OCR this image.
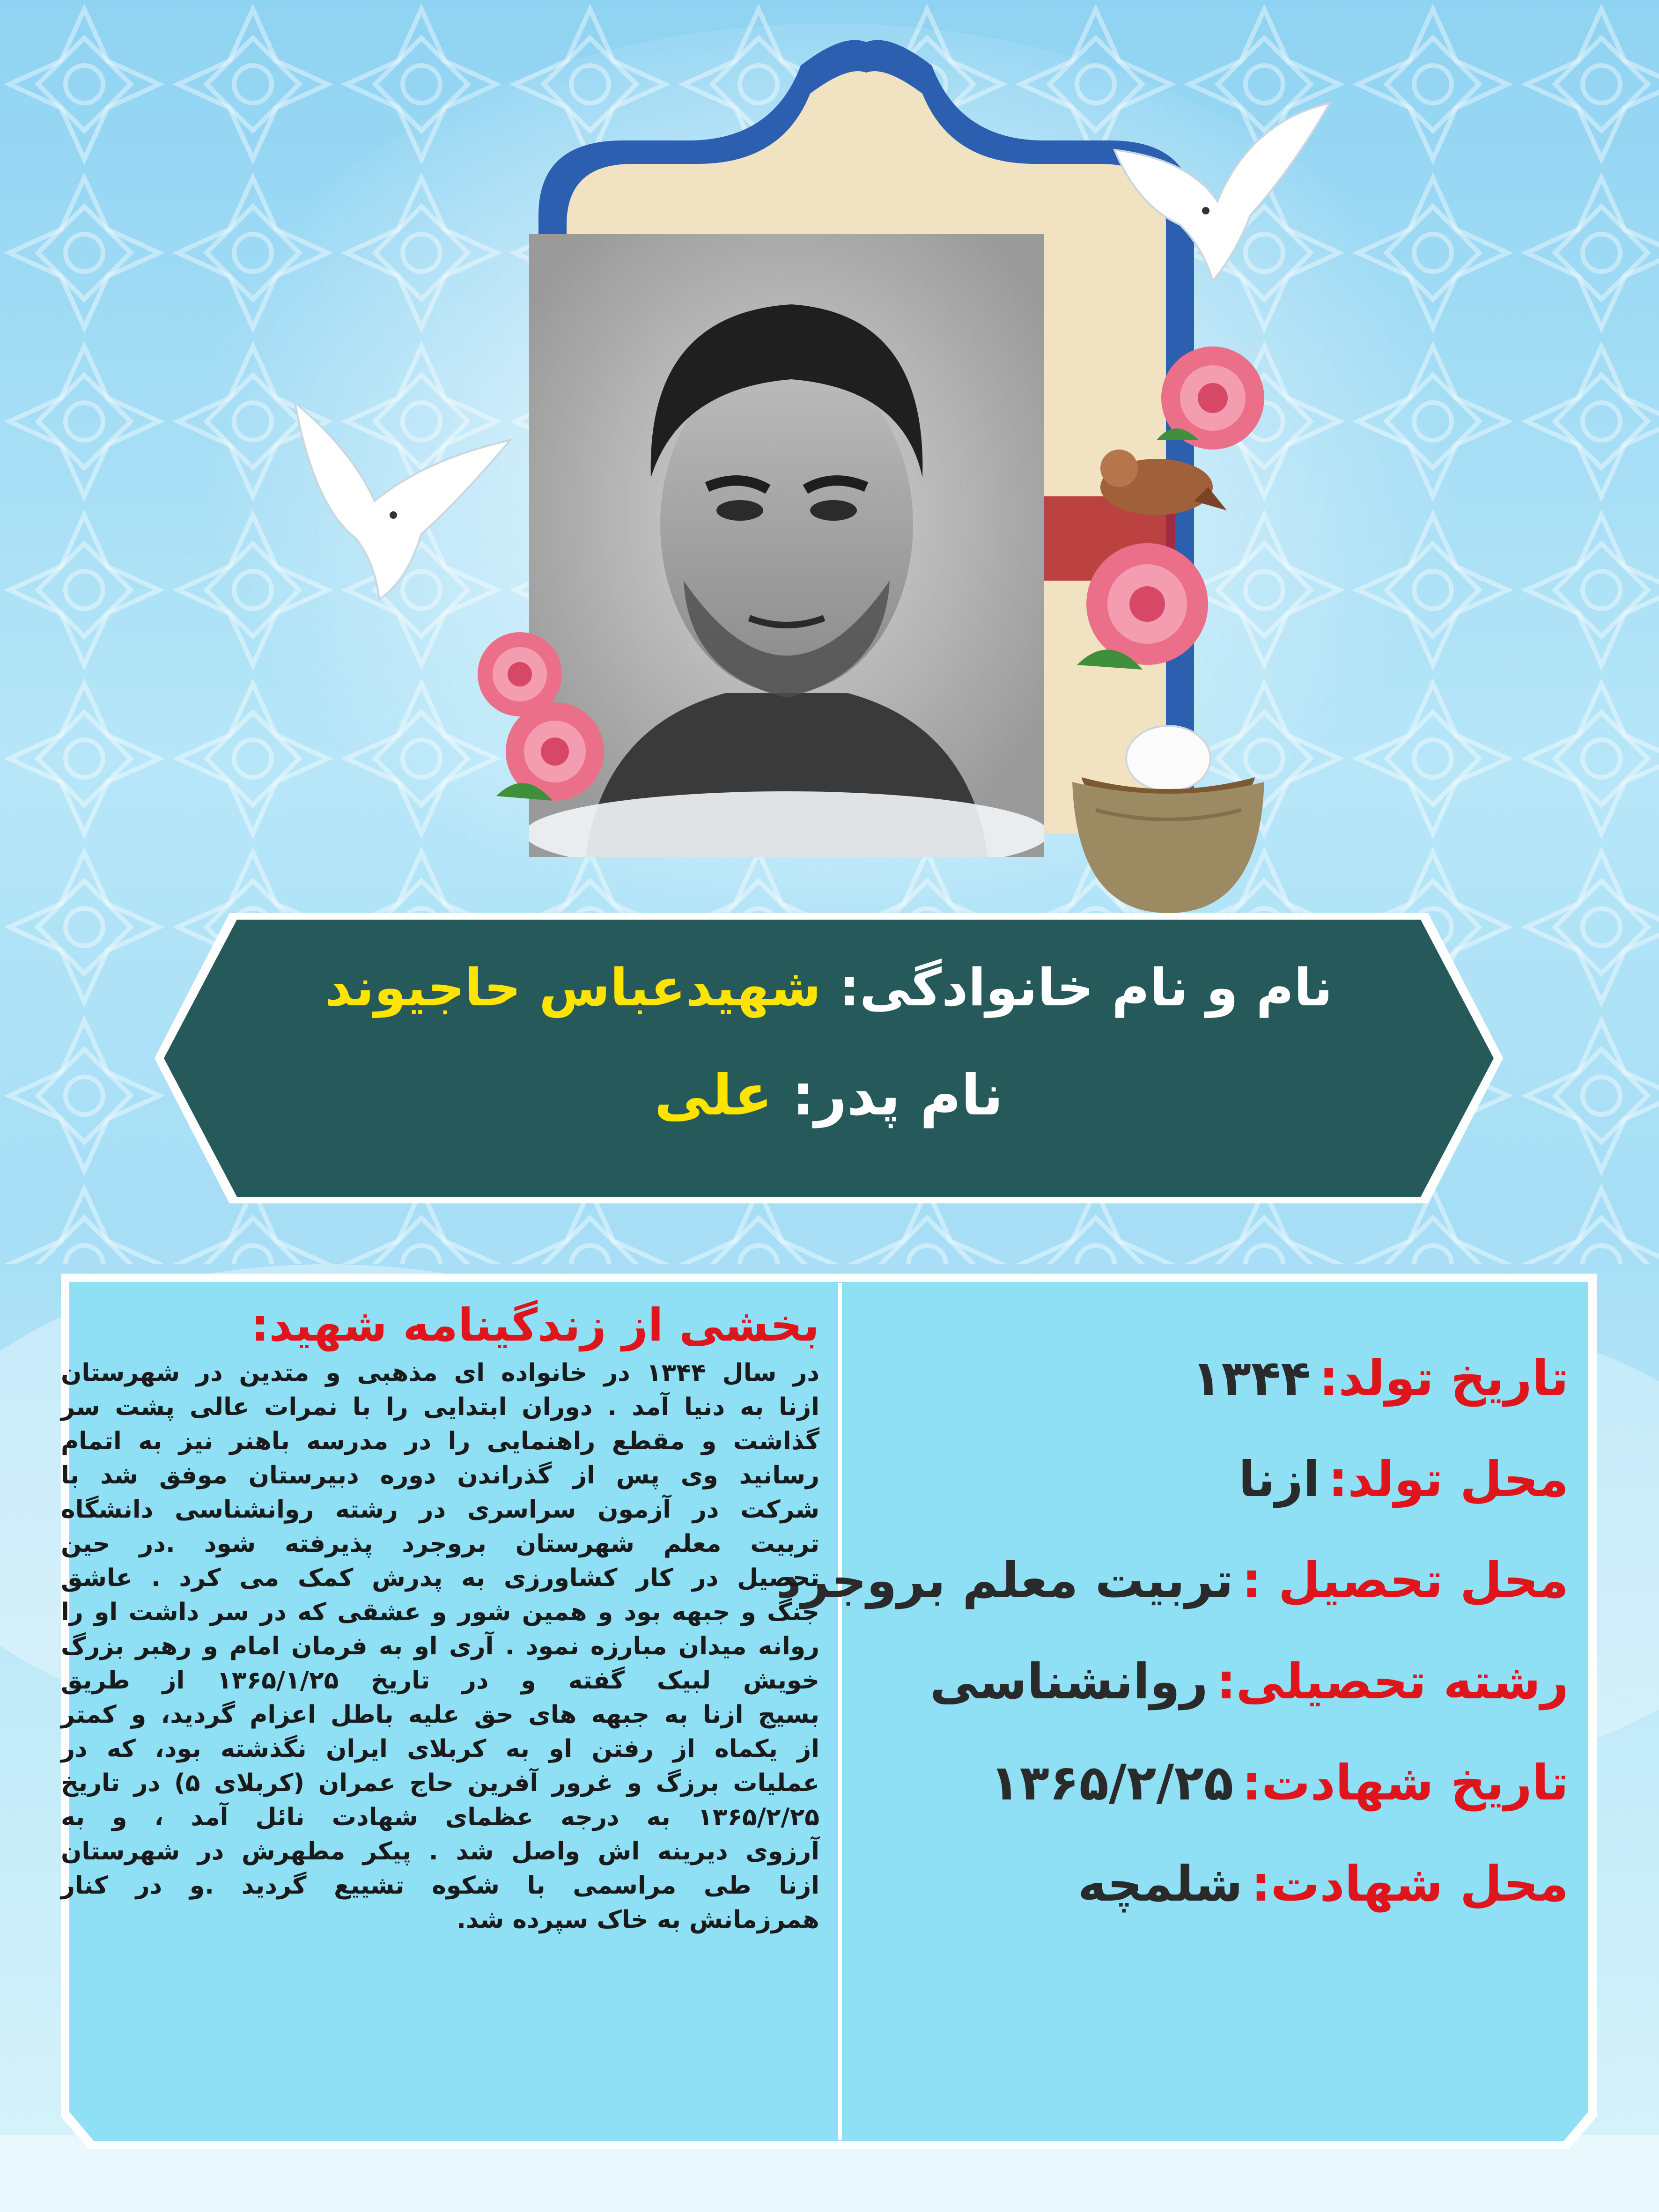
نام و نام خانوادگی: شهیدعباس حاجیوند
نام پدر: علی
تاریخ تولد:
۱۳۴۴
محل تولد:
ازنا
محل تحصیل :
تربیت معلم بروجرد
رشته تحصیلی:
روانشناسی
تاریخ شهادت:
۱۳۶۵/۲/۲۵
محل شهادت:
شلمچه
بخشی از زندگینامه شهید:
در سال ۱۳۴۴ در خانواده ای مذهبی و متدین در شهرستان
ازنا به دنیا آمد . دوران ابتدایی را با نمرات عالی پشت سر
گذاشت و مقطع راهنمایی را در مدرسه باهنر نیز به اتمام
رسانید وی پس از گذراندن دوره دبیرستان موفق شد با
شرکت در آزمون سراسری در رشته روانشناسی دانشگاه
تربیت معلم شهرستان بروجرد پذیرفته شود .در حین
تحصیل در کار کشاورزی به پدرش کمک می کرد . عاشق
جنگ و جبهه بود و همین شور و عشقی که در سر داشت او را
روانه میدان مبارزه نمود . آری او به فرمان امام و رهبر بزرگ
خویش لبیک گفته و در تاریخ ۱۳۶۵/۱/۲۵ از طریق
بسیج ازنا به جبهه های حق علیه باطل اعزام گردید، و کمتر
از یکماه از رفتن او به کربلای ایران نگذشته بود، که در
عملیات برزگ و غرور آفرین حاج عمران (کربلای ۵) در تاریخ
۱۳۶۵/۲/۲۵ به درجه عظمای شهادت نائل آمد ، و به
آرزوی دیرینه اش واصل شد . پیکر مطهرش در شهرستان
ازنا طی مراسمی با شکوه تشییع گردید .و در کنار
همرزمانش به خاک سپرده شد.
